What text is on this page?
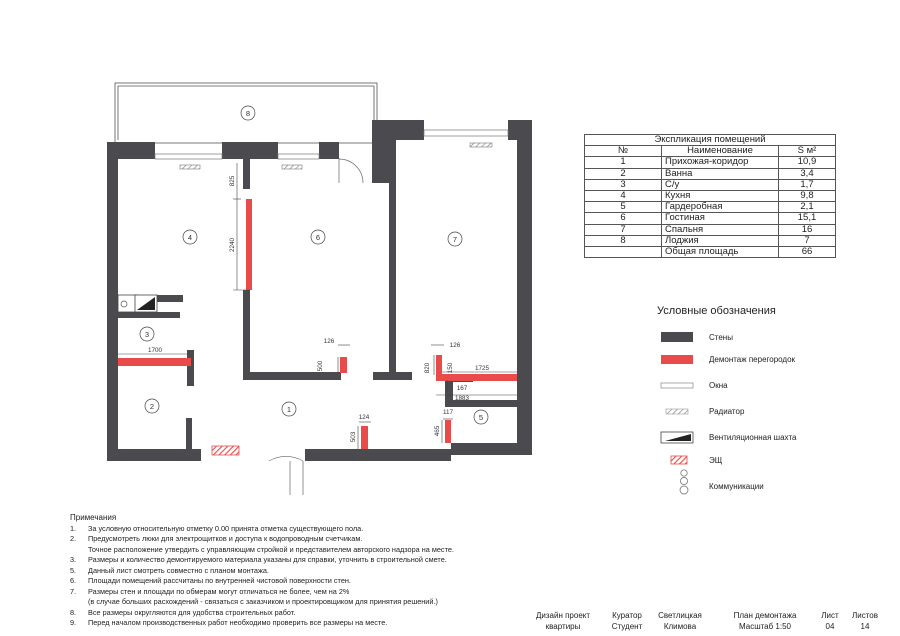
825
2240
126
500
1700
126
820	150
167
1725
1883
124
503
117
465
1
2
3
4
5
6	7
8
Экспликация помещений		
№	Наименование	S м²
1	Прихожая-коридор	10,9
2	Ванна	3,4
3	С/у	1,7
4	Кухня	9,8
5	Гардеробная	2,1
6	Гостиная	15,1
7	Спальня	16
8	Лоджия	7
	Общая площадь	66
Условные обозначения
Стены
Демонтаж перегородок
Окна
Радиатор
Вентиляционная шахта
ЭЩ
Коммуникации
Примечания
1. За условную относительную отметку 0.00 принята отметка существующего пола.
2. Предусмотреть люки для электрощитков и доступа к водопроводным счетчикам.
Точное расположение утвердить с управляющим стройкой и представителем авторского надзора на месте.
3. Размеры и количество демонтируемого материала указаны для справки, уточнить в строительной смете.
5. Данный лист смотреть совместно с планом монтажа.
6. Площади помещений рассчитаны по внутренней чистовой поверхности стен.
7. Размеры стен и площади по обмерам могут отличаться не более, чем на 2%
(в случае больших расхождений - связаться с заказчиком и проектировщиком для принятия решений.)
8. Все размеры округляются для удобства строительных работ.
9. Перед началом производственных работ необходимо проверить все размеры на месте.
Дизайн проект
квартиры
Куратор
Студент
Светлицкая
Климова
План демонтажа
Масштаб 1:50
Лист
04
Листов
14
